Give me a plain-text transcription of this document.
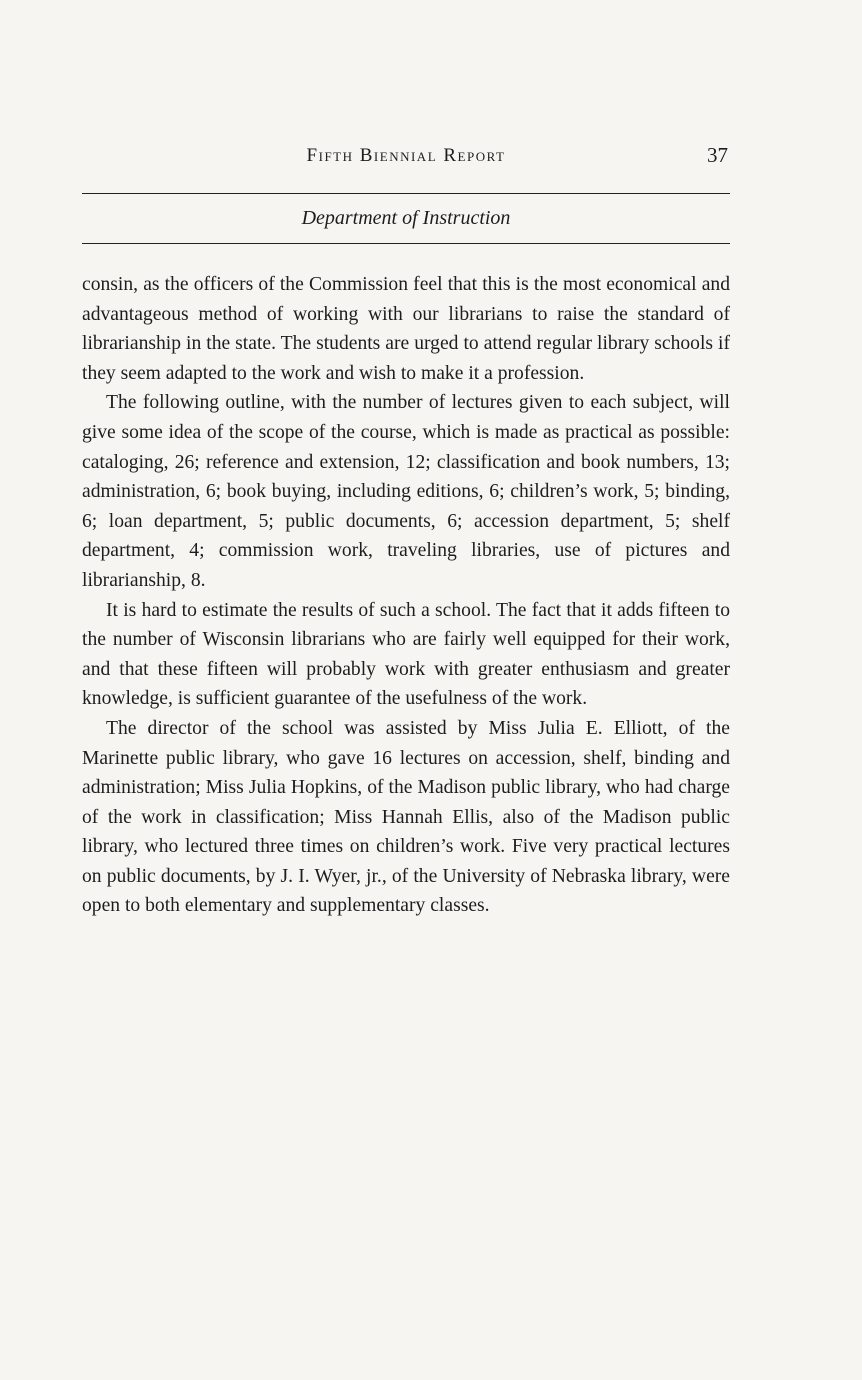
Fifth Biennial Report	37
Department of Instruction

consin, as the officers of the Commission feel that this is the most economical and advantageous method of working with our librarians to raise the standard of librarianship in the state. The students are urged to attend regular library schools if they seem adapted to the work and wish to make it a profession.

The following outline, with the number of lectures given to each subject, will give some idea of the scope of the course, which is made as practical as possible: cataloging, 26; reference and extension, 12; classification and book numbers, 13; administration, 6; book buying, including editions, 6; children’s work, 5; binding, 6; loan department, 5; public documents, 6; accession department, 5; shelf department, 4; commission work, traveling libraries, use of pictures and librarianship, 8.

It is hard to estimate the results of such a school. The fact that it adds fifteen to the number of Wisconsin librarians who are fairly well equipped for their work, and that these fifteen will probably work with greater enthusiasm and greater knowledge, is sufficient guarantee of the usefulness of the work.

The director of the school was assisted by Miss Julia E. Elliott, of the Marinette public library, who gave 16 lectures on accession, shelf, binding and administration; Miss Julia Hopkins, of the Madison public library, who had charge of the work in classification; Miss Hannah Ellis, also of the Madison public library, who lectured three times on children’s work. Five very practical lectures on public documents, by J. I. Wyer, jr., of the University of Nebraska library, were open to both elementary and supplementary classes.
